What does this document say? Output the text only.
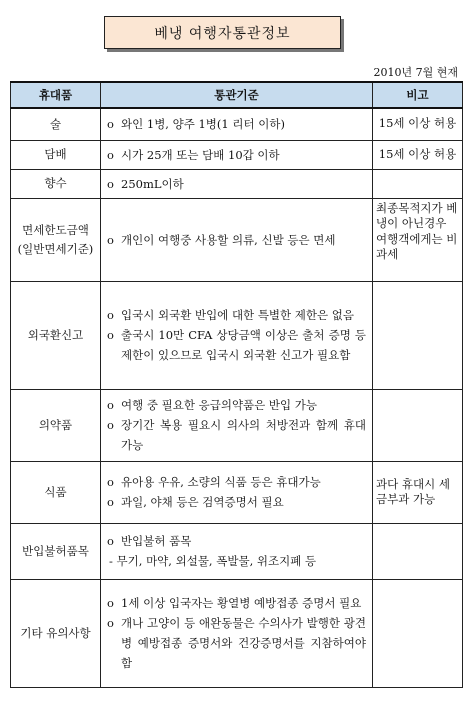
베냉 여행자통관정보
2010년 7월 현재
휴대품	통관기준	비고
술	o 와인 1병, 양주 1병(1 리터 이하)	15세 이상 허용
담배	o 시가 25개 또는 담배 10갑 이하	15세 이상 허용
향수	o 250mL이하	

면세한도금액
(일반면세기준)	o 개인이 여행중 사용할 의류, 신발 등은 면세	최종목적지가 베냉이 아닌경우 여행객에게는 비과세
외국환신고	o 입국시 외국환 반입에 대한 특별한 제한은 없음
o 출국시 10만 CFA 상당금액 이상은 출처 증명 등 제한이 있으므로 입국시 외국환 신고가 필요함	

의약품	o 여행 중 필요한 응급의약품은 반입 가능
o 장기간 복용 필요시 의사의 처방전과 함께 휴대 가능	

식품	o 유아용 우유, 소량의 식품 등은 휴대가능
o 과일, 야채 등은 검역증명서 필요	과다 휴대시 세금부과 가능
반입불허품목	o 반입불허 품목
- 무기, 마약, 외설물, 폭발물, 위조지폐 등	

기타 유의사항	o 1세 이상 입국자는 황열병 예방접종 증명서 필요
o 개나 고양이 등 애완동물은 수의사가 발행한 광견병 예방접종 증명서와 건강증명서를 지참하여야 함	
